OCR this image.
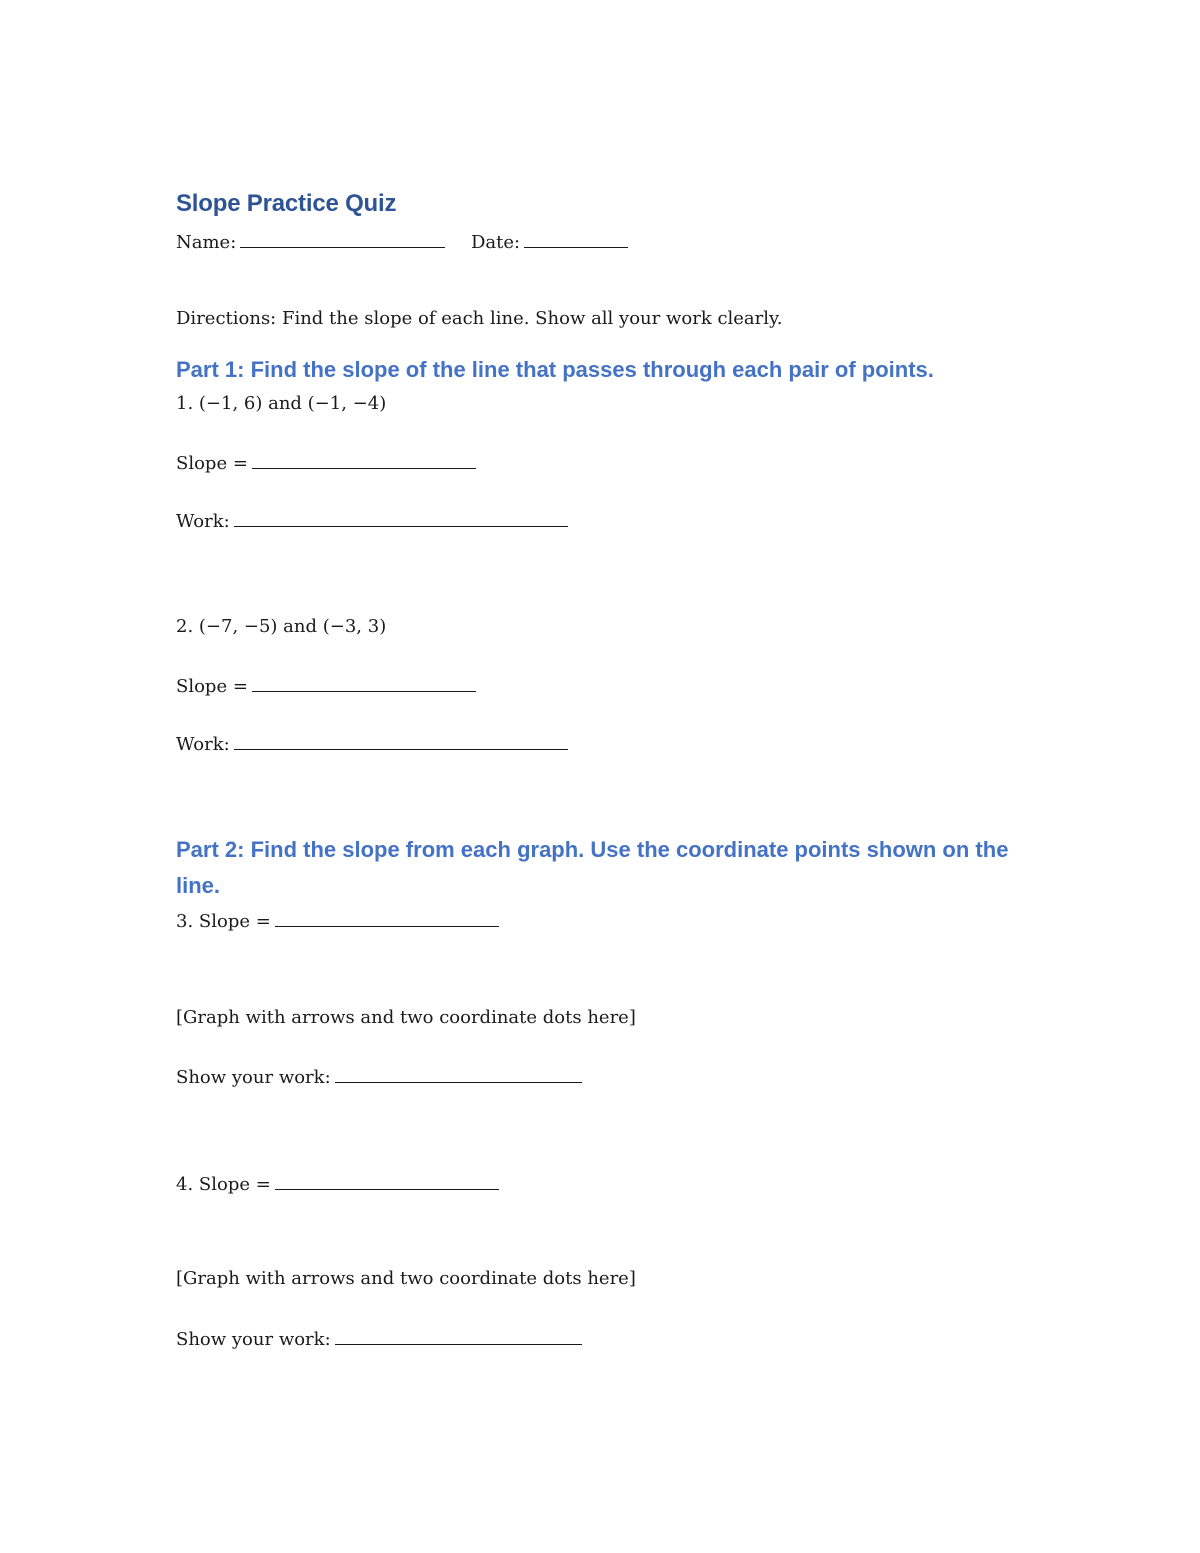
Slope Practice Quiz
Name:	Date:
Directions: Find the slope of each line. Show all your work clearly.
Part 1: Find the slope of the line that passes through each pair of points.
1. (−1, 6) and (−1, −4)
Slope =
Work:
2. (−7, −5) and (−3, 3)
Slope =
Work:
Part 2: Find the slope from each graph. Use the coordinate points shown on the
line.
3. Slope =
[Graph with arrows and two coordinate dots here]
Show your work:
4. Slope =
[Graph with arrows and two coordinate dots here]
Show your work:
